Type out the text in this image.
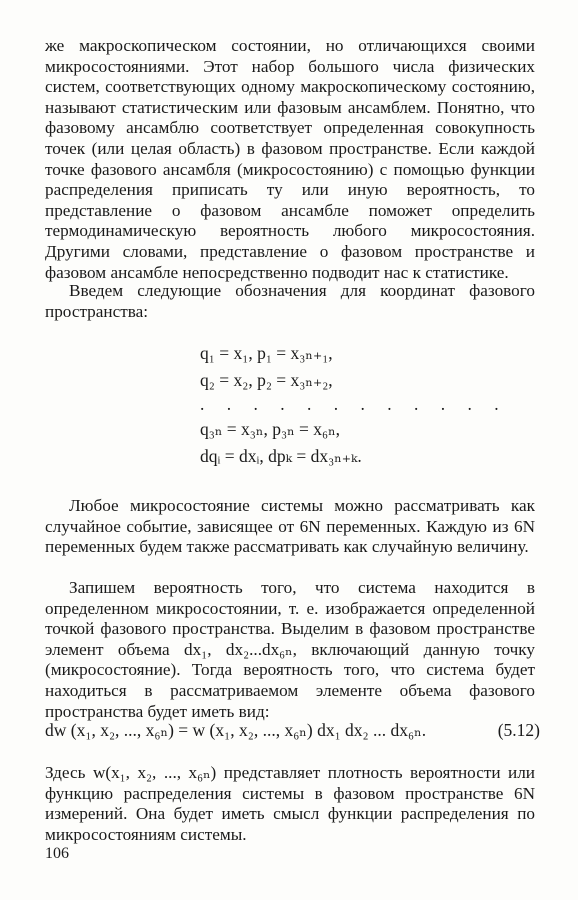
же макроскопическом состоянии, но отличающихся своими микросостояниями. Этот набор большого числа физических систем, соответствующих одному макроскопическому состоянию, называют статистическим или фазовым ансамблем. Понятно, что фазовому ансамблю соответствует определенная совокупность точек (или целая область) в фазовом пространстве. Если каждой точке фазового ансамбля (микросостоянию) с помощью функции распределения приписать ту или иную вероятность, то представление о фазовом ансамбле поможет определить термодинамическую вероятность любого микросостояния. Другими словами, представление о фазовом пространстве и фазовом ансамбле непосредственно подводит нас к статистике.
Введем следующие обозначения для координат фазового пространства:
q₁ = x₁, p₁ = x₃ₙ₊₁,
q₂ = x₂, p₂ = x₃ₙ₊₂,
. . . . . . . . . . . .
q₃ₙ = x₃ₙ, p₃ₙ = x₆ₙ,
dqᵢ = dxᵢ, dpₖ = dx₃ₙ₊ₖ.
Любое микросостояние системы можно рассматривать как случайное событие, зависящее от 6N переменных. Каждую из 6N переменных будем также рассматривать как случайную величину.
Запишем вероятность того, что система находится в определенном микросостоянии, т. е. изображается определенной точкой фазового пространства. Выделим в фазовом пространстве элемент объема dx₁, dx₂...dx₆ₙ, включающий данную точку (микросостояние). Тогда вероятность того, что система будет находиться в рассматриваемом элементе объема фазового пространства будет иметь вид:
dw (x₁, x₂, ..., x₆ₙ) = w (x₁, x₂, ..., x₆ₙ) dx₁ dx₂ ... dx₆ₙ.	(5.12)
Здесь w(x₁, x₂, ..., x₆ₙ) представляет плотность вероятности или функцию распределения системы в фазовом пространстве 6N измерений. Она будет иметь смысл функции распределения по микросостояниям системы.
106
